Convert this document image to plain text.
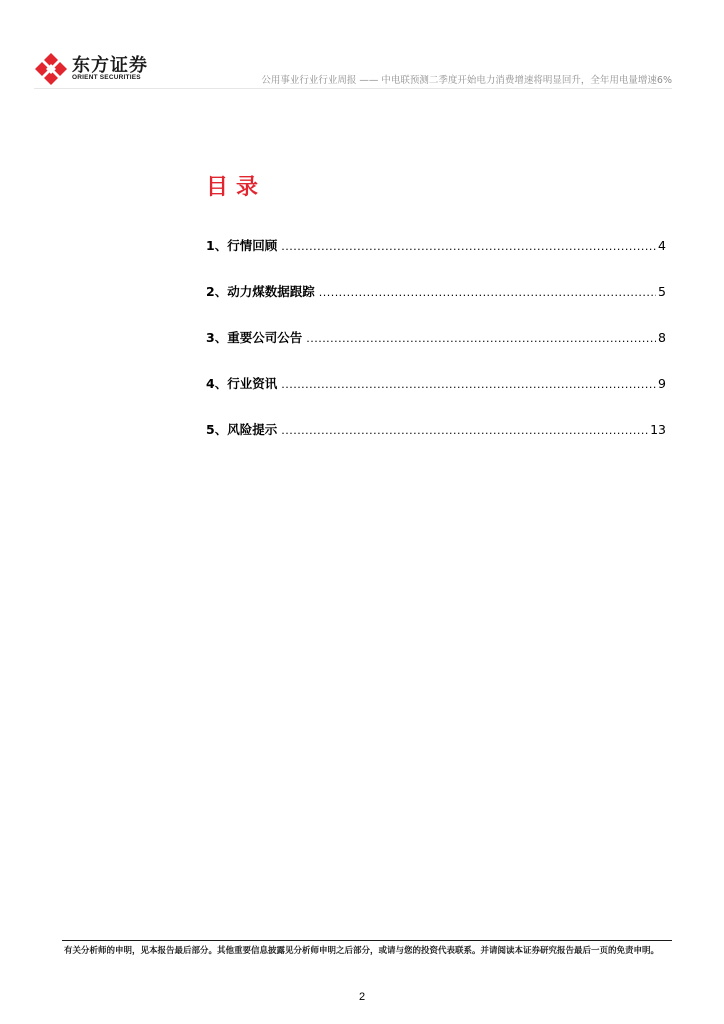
东方证券
ORIENT SECURITIES	公用事业行业行业周报 —— 中电联预测二季度开始电力消费增速将明显回升，全年用电量增速6%
目录
1、行情回顾 .....	4
2、动力煤数据跟踪 .....	5
3、重要公司公告 .....	8
4、行业资讯 .....	9
5、风险提示 .....	13
有关分析师的申明，见本报告最后部分。其他重要信息披露见分析师申明之后部分，或请与您的投资代表联系。并请阅读本证券研究报告最后一页的免责申明。
2
